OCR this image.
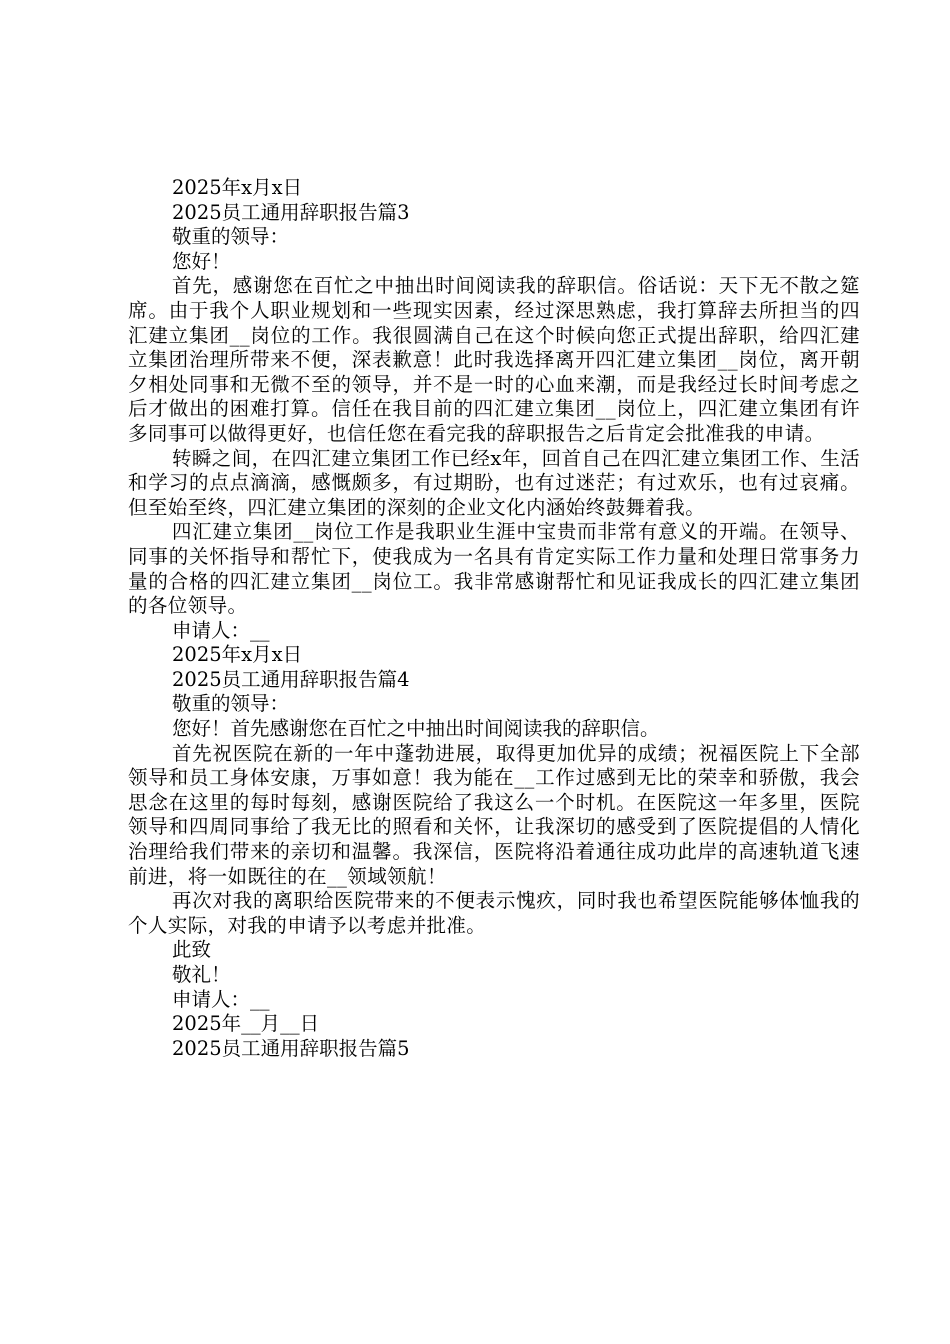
2025年x月x日
2025员工通用辞职报告篇3
敬重的领导：
您好！

首先，感谢您在百忙之中抽出时间阅读我的辞职信。俗话说：天下无不散之筵席。由于我个人职业规划和一些现实因素，经过深思熟虑，我打算辞去所担当的四汇建立集团__岗位的工作。我很圆满自己在这个时候向您正式提出辞职，给四汇建立集团治理所带来不便，深表歉意！此时我选择离开四汇建立集团__岗位，离开朝夕相处同事和无微不至的领导，并不是一时的心血来潮，而是我经过长时间考虑之后才做出的困难打算。信任在我目前的四汇建立集团__岗位上，四汇建立集团有许多同事可以做得更好，也信任您在看完我的辞职报告之后肯定会批准我的申请。

转瞬之间，在四汇建立集团工作已经x年，回首自己在四汇建立集团工作、生活和学习的点点滴滴，感慨颇多，有过期盼，也有过迷茫；有过欢乐，也有过哀痛。但至始至终，四汇建立集团的深刻的企业文化内涵始终鼓舞着我。

四汇建立集团__岗位工作是我职业生涯中宝贵而非常有意义的开端。在领导、同事的关怀指导和帮忙下，使我成为一名具有肯定实际工作力量和处理日常事务力量的合格的四汇建立集团__岗位工。我非常感谢帮忙和见证我成长的四汇建立集团的各位领导。

申请人：__
2025年x月x日
2025员工通用辞职报告篇4
敬重的领导：
您好！首先感谢您在百忙之中抽出时间阅读我的辞职信。

首先祝医院在新的一年中蓬勃进展，取得更加优异的成绩；祝福医院上下全部领导和员工身体安康，万事如意！我为能在__工作过感到无比的荣幸和骄傲，我会思念在这里的每时每刻，感谢医院给了我这么一个时机。在医院这一年多里，医院领导和四周同事给了我无比的照看和关怀，让我深切的感受到了医院提倡的人情化治理给我们带来的亲切和温馨。我深信，医院将沿着通往成功此岸的高速轨道飞速前进，将一如既往的在__领域领航！

再次对我的离职给医院带来的不便表示愧疚，同时我也希望医院能够体恤我的个人实际，对我的申请予以考虑并批准。

此致
敬礼！
申请人：__
2025年__月__日
2025员工通用辞职报告篇5
